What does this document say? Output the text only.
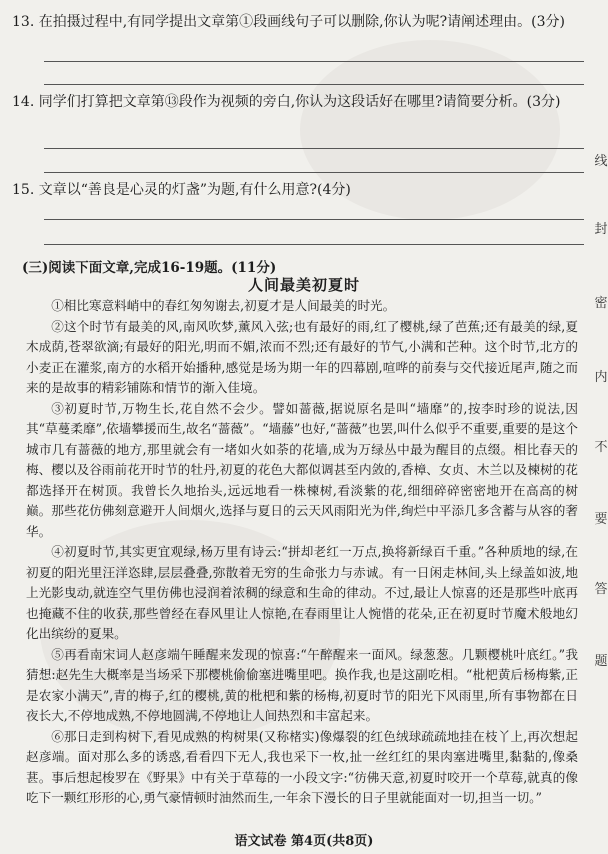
13. 在拍摄过程中,有同学提出文章第①段画线句子可以删除,你认为呢?请阐述理由。(3分)
14. 同学们打算把文章第⑬段作为视频的旁白,你认为这段话好在哪里?请简要分析。(3分)
15. 文章以“善良是心灵的灯盏”为题,有什么用意?(4分)
(三)阅读下面文章,完成16-19题。(11分)
人间最美初夏时

①相比寒意料峭中的春红匆匆谢去,初夏才是人间最美的时光。

②这个时节有最美的风,南风吹梦,薰风入弦;也有最好的雨,红了樱桃,绿了芭蕉;还有最美的绿,夏木成荫,苍翠欲滴;有最好的阳光,明而不媚,浓而不烈;还有最好的节气,小满和芒种。这个时节,北方的小麦正在灌浆,南方的水稻开始播种,感觉是场为期一年的四幕剧,喧哗的前奏与交代接近尾声,随之而来的是故事的精彩铺陈和情节的渐入佳境。

③初夏时节,万物生长,花自然不会少。譬如蔷薇,据说原名是叫“墙靡”的,按李时珍的说法,因其“草蔓柔靡”,依墙攀援而生,故名“蔷薇”。“墙藤”也好,“蔷薇”也罢,叫什么似乎不重要,重要的是这个城市几有蔷薇的地方,那里就会有一堵如火如荼的花墙,成为万绿丛中最为醒目的点缀。相比春天的梅、樱以及谷雨前花开时节的牡丹,初夏的花色大都似调甚至内敛的,香樟、女贞、木兰以及楝树的花都选择开在树顶。我曾长久地抬头,远远地看一株楝树,看淡紫的花,细细碎碎密密地开在高高的树巅。那些花仿佛刻意避开人间烟火,选择与夏日的云天风雨阳光为伴,绚烂中平添几多含蓄与从容的奢华。

④初夏时节,其实更宜观绿,杨万里有诗云:“拼却老红一万点,换将新绿百千重。”各种质地的绿,在初夏的阳光里汪洋恣肆,层层叠叠,弥散着无穷的生命张力与赤诚。有一日闲走林间,头上绿盖如波,地上光影曳动,就连空气里仿佛也浸润着浓稠的绿意和生命的律动。不过,最让人惊喜的还是那些叶底再也掩藏不住的收获,那些曾经在春风里让人惊艳,在春雨里让人惋惜的花朵,正在初夏时节魔术般地幻化出缤纷的夏果。

⑤再看南宋词人赵彦端午睡醒来发现的惊喜:“午醉醒来一面风。绿葱葱。几颗樱桃叶底红。”我猜想:赵先生大概率是当场采下那樱桃偷偷塞进嘴里吧。换作我,也是这副吃相。“枇杷黄后杨梅紫,正是农家小满天”,青的梅子,红的樱桃,黄的枇杷和紫的杨梅,初夏时节的阳光下风雨里,所有事物都在日夜长大,不停地成熟,不停地圆满,不停地让人间热烈和丰富起来。

⑥那日走到构树下,看见成熟的构树果(又称楮实)像爆裂的红色绒球疏疏地挂在枝丫上,再次想起赵彦端。面对那么多的诱惑,看看四下无人,我也采下一枚,扯一丝红红的果肉塞进嘴里,黏黏的,像桑葚。事后想起梭罗在《野果》中有关于草莓的一小段文字:“彷佛天意,初夏时咬开一个草莓,就真的像吃下一颗红形形的心,勇气豪情顿时油然而生,一年余下漫长的日子里就能面对一切,担当一切。”

语文试卷 第4页(共8页)
线
封
密
内
不
要
答
题
